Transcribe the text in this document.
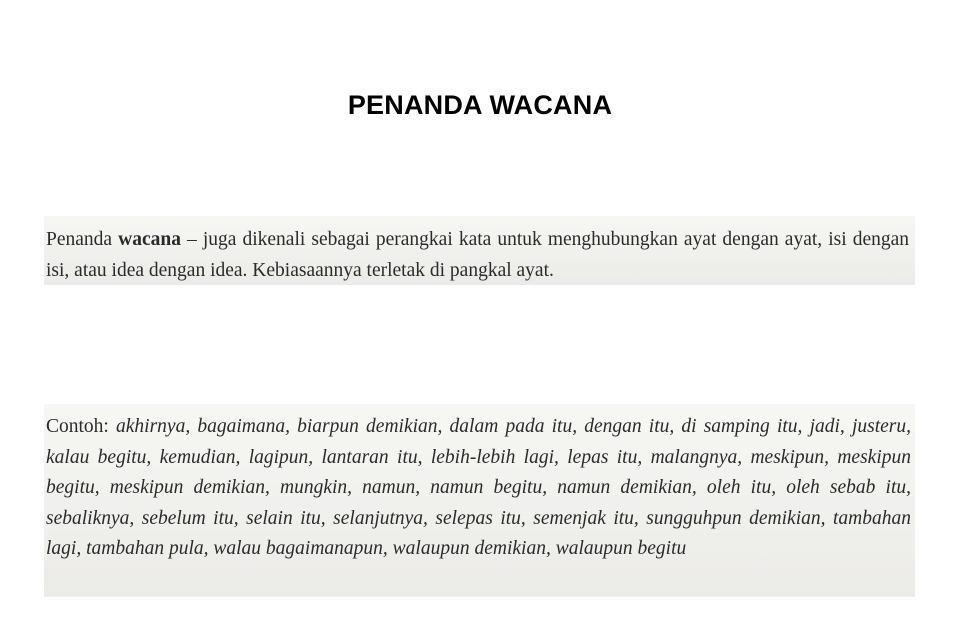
PENANDA WACANA
Penanda wacana – juga dikenali sebagai perangkai kata untuk menghubungkan ayat dengan ayat, isi dengan isi, atau idea dengan idea. Kebiasaannya terletak di pangkal ayat.
Contoh: akhirnya, bagaimana, biarpun demikian, dalam pada itu, dengan itu, di samping itu, jadi, justeru, kalau begitu, kemudian, lagipun, lantaran itu, lebih-lebih lagi, lepas itu, malangnya, meskipun, meskipun begitu, meskipun demikian, mungkin, namun, namun begitu, namun demikian, oleh itu, oleh sebab itu, sebaliknya, sebelum itu, selain itu, selanjutnya, selepas itu, semenjak itu, sungguhpun demikian, tambahan lagi, tambahan pula, walau bagaimanapun, walaupun demikian, walaupun begitu
